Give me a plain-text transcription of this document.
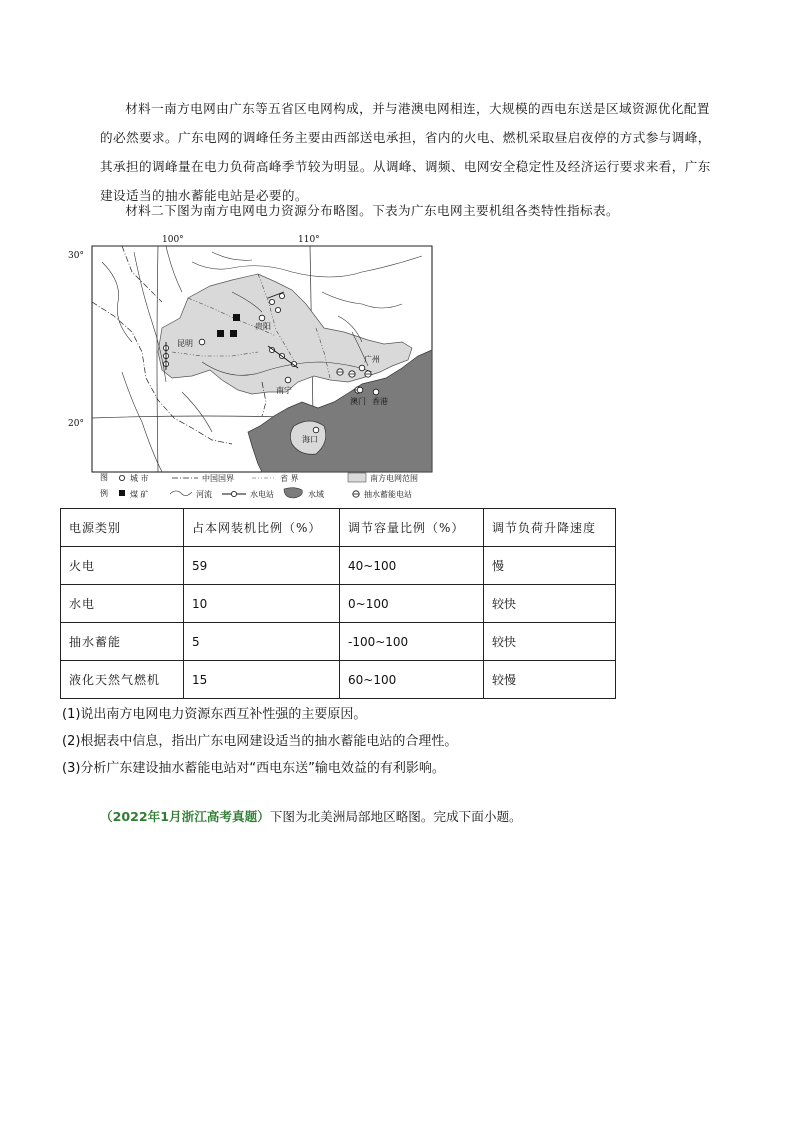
材料一南方电网由广东等五省区电网构成，并与港澳电网相连，大规模的西电东送是区域资源优化配置的必然要求。广东电网的调峰任务主要由西部送电承担，省内的火电、燃机采取昼启夜停的方式参与调峰，其承担的调峰量在电力负荷高峰季节较为明显。从调峰、调频、电网安全稳定性及经济运行要求来看，广东建设适当的抽水蓄能电站是必要的。

材料二下图为南方电网电力资源分布略图。下表为广东电网主要机组各类特性指标表。

100°	110°
30°
20°
昆明
贵阳
南宁
广州
澳门 香港
海口
图
例
城 市	中国国界	省 界	南方电网范围
煤 矿	河流	水电站	水域	抽水蓄能电站
电源类别	占本网装机比例（%）	调节容量比例（%）	调节负荷升降速度
火电	59	40~100	慢
水电	10	0~100	较快
抽水蓄能	5	-100~100	较快
液化天然气燃机	15	60~100	较慢

(1)说出南方电网电力资源东西互补性强的主要原因。

(2)根据表中信息，指出广东电网建设适当的抽水蓄能电站的合理性。

(3)分析广东建设抽水蓄能电站对“西电东送”输电效益的有利影响。

（2022年1月浙江高考真题）下图为北美洲局部地区略图。完成下面小题。
